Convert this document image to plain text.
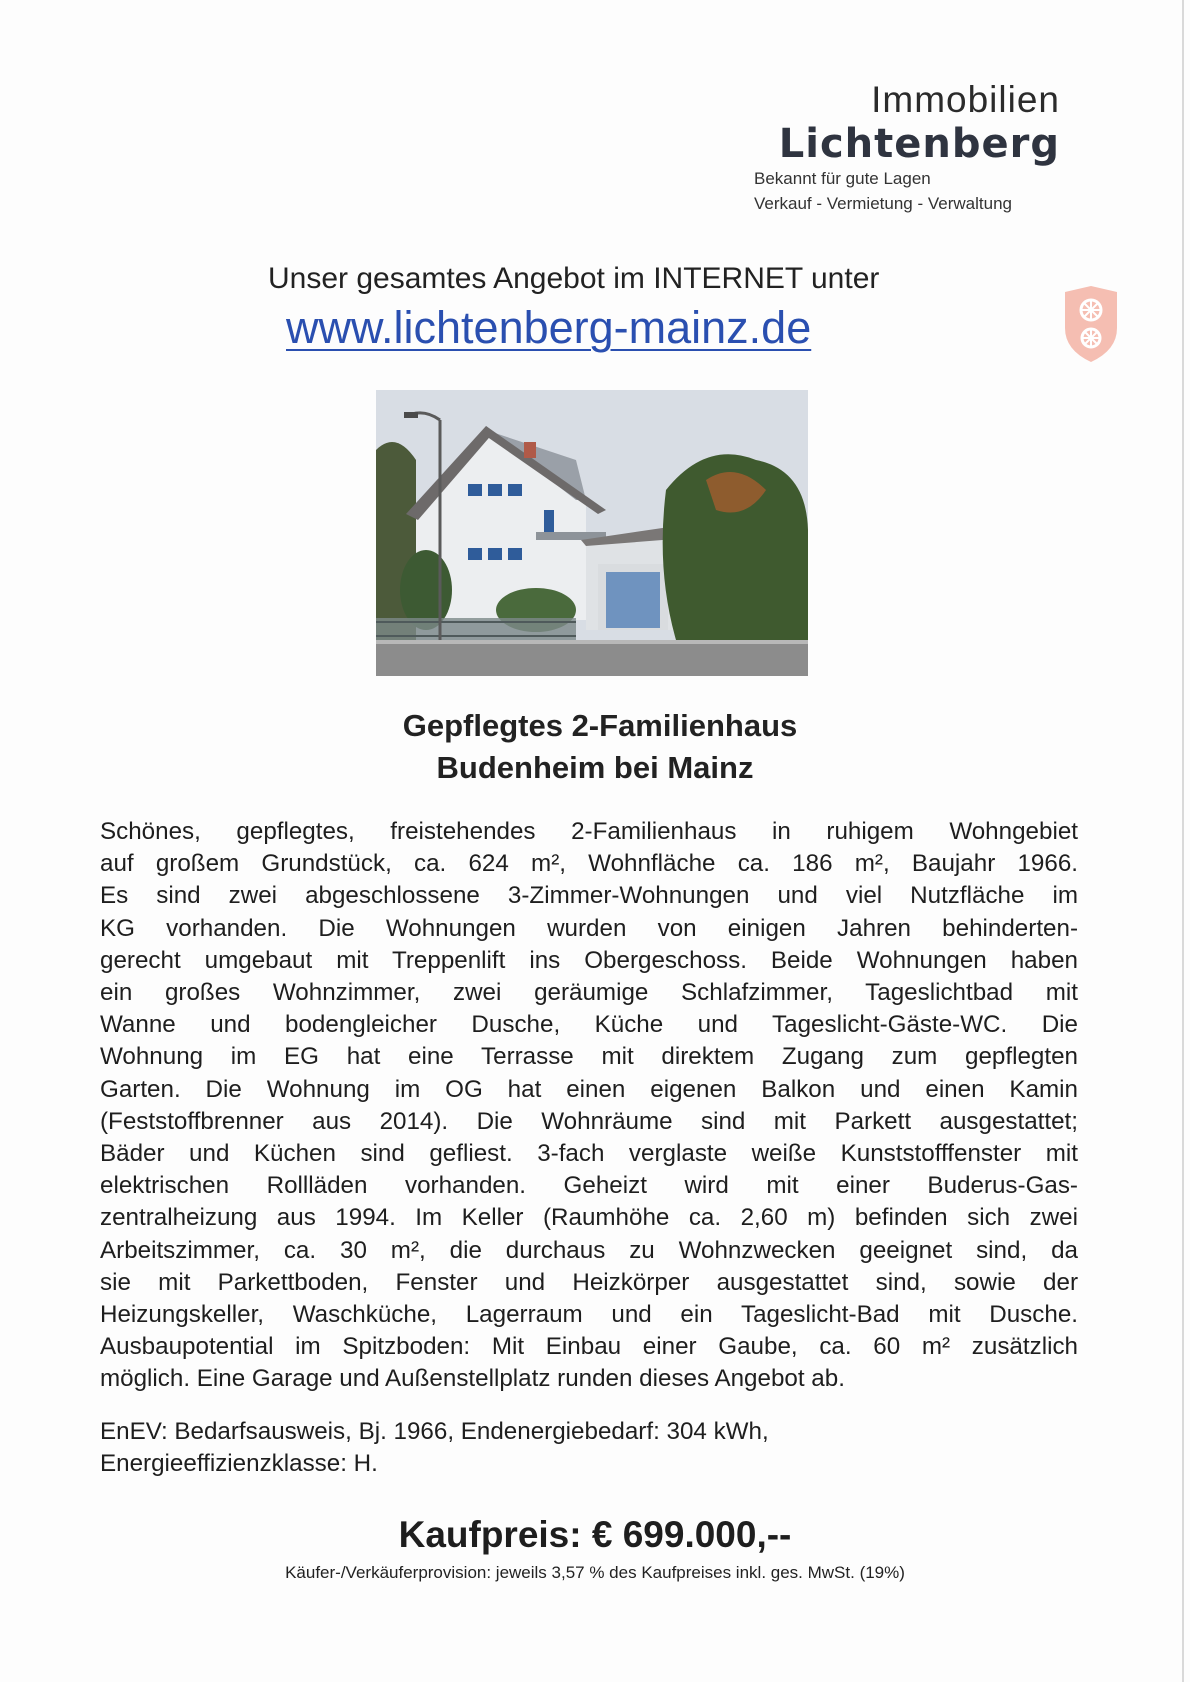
Immobilien
Lichtenberg
Bekannt für gute Lagen
Verkauf - Vermietung - Verwaltung
Unser gesamtes Angebot im INTERNET unter
www.lichtenberg-mainz.de
Gepflegtes 2-Familienhaus
Budenheim bei Mainz
Schönes, gepflegtes, freistehendes 2-Familienhaus in ruhigem Wohngebiet
auf großem Grundstück, ca. 624 m², Wohnfläche ca. 186 m², Baujahr 1966.
Es sind zwei abgeschlossene 3-Zimmer-Wohnungen und viel Nutzfläche im
KG vorhanden. Die Wohnungen wurden von einigen Jahren behinderten-
gerecht umgebaut mit Treppenlift ins Obergeschoss. Beide Wohnungen haben
ein großes Wohnzimmer, zwei geräumige Schlafzimmer, Tageslichtbad mit
Wanne und bodengleicher Dusche, Küche und Tageslicht-Gäste-WC. Die
Wohnung im EG hat eine Terrasse mit direktem Zugang zum gepflegten
Garten. Die Wohnung im OG hat einen eigenen Balkon und einen Kamin
(Feststoffbrenner aus 2014). Die Wohnräume sind mit Parkett ausgestattet;
Bäder und Küchen sind gefliest. 3-fach verglaste weiße Kunststofffenster mit
elektrischen Rollläden vorhanden. Geheizt wird mit einer Buderus-Gas-
zentralheizung aus 1994. Im Keller (Raumhöhe ca. 2,60 m) befinden sich zwei
Arbeitszimmer, ca. 30 m², die durchaus zu Wohnzwecken geeignet sind, da
sie mit Parkettboden, Fenster und Heizkörper ausgestattet sind, sowie der
Heizungskeller, Waschküche, Lagerraum und ein Tageslicht-Bad mit Dusche.
Ausbaupotential im Spitzboden: Mit Einbau einer Gaube, ca. 60 m² zusätzlich
möglich. Eine Garage und Außenstellplatz runden dieses Angebot ab.
EnEV: Bedarfsausweis, Bj. 1966, Endenergiebedarf: 304 kWh,
Energieeffizienzklasse: H.
Kaufpreis: € 699.000,--
Käufer-/Verkäuferprovision: jeweils 3,57 % des Kaufpreises inkl. ges. MwSt. (19%)
